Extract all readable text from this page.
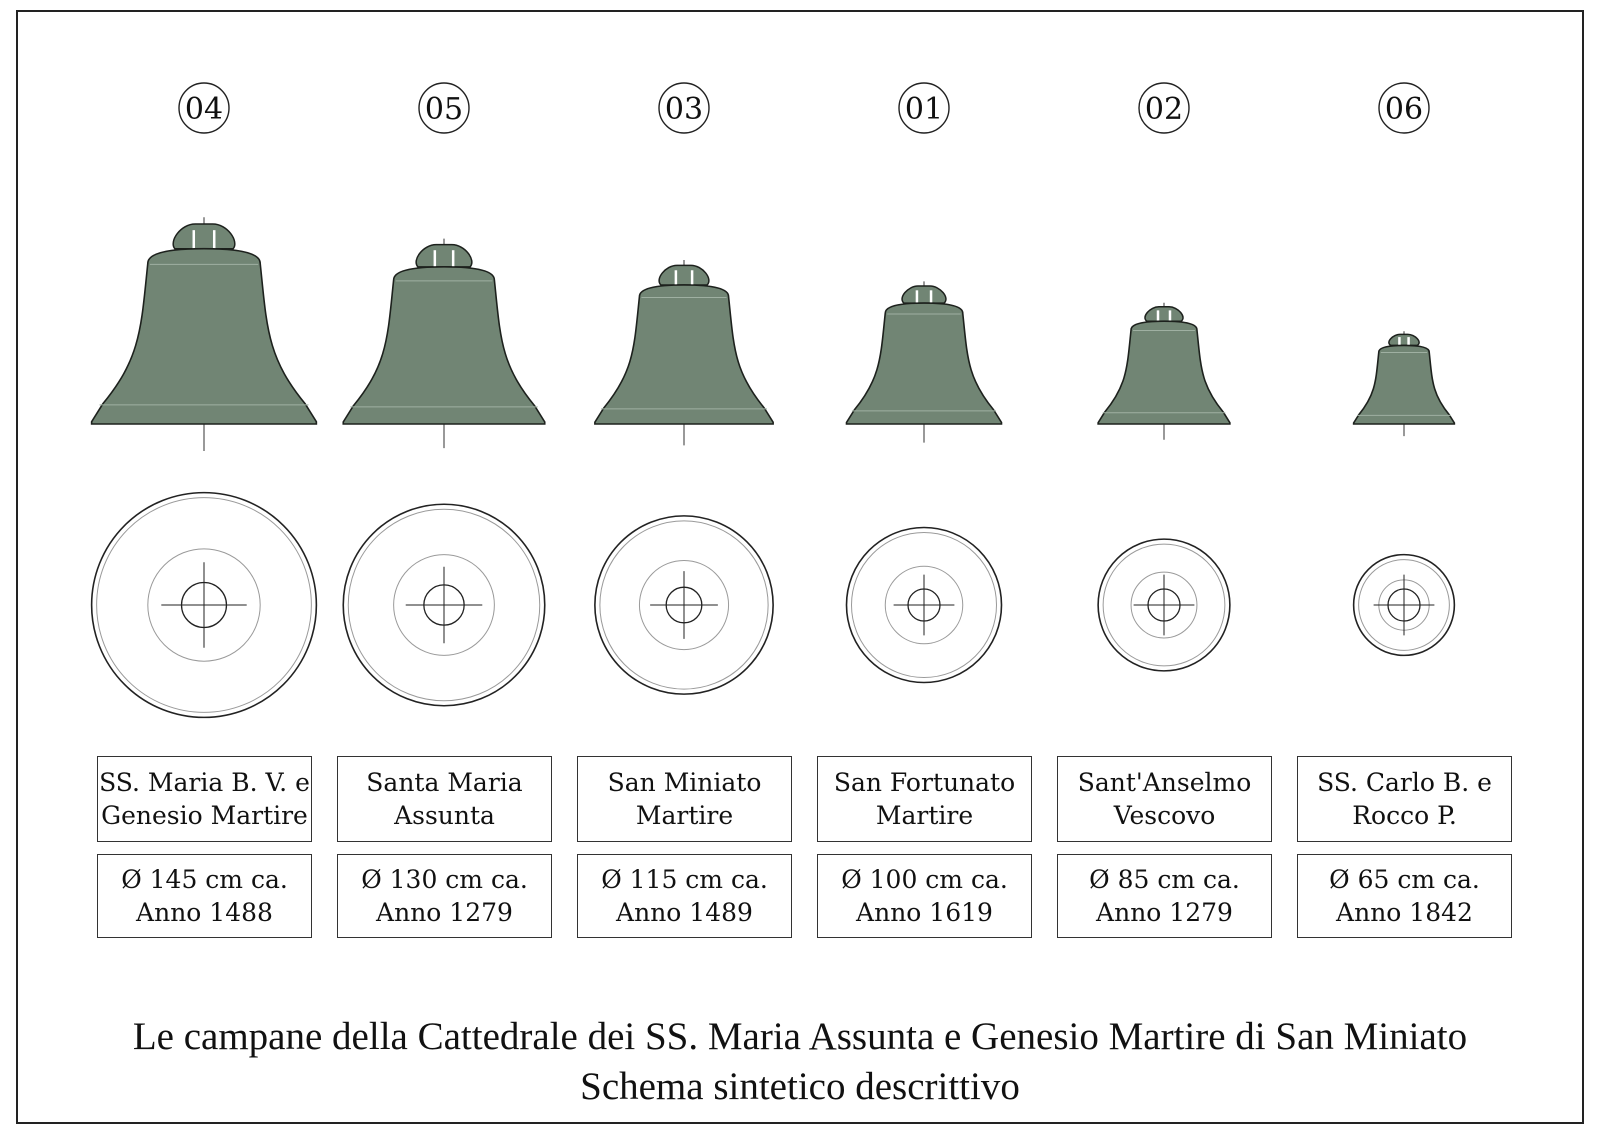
04	05	03	01	02	06
SS. Maria B. V. e
Genesio Martire
Ø 145 cm ca.
Anno 1488
Santa Maria
Assunta
Ø 130 cm ca.
Anno 1279
San Miniato
Martire
Ø 115 cm ca.
Anno 1489
San Fortunato
Martire
Ø 100 cm ca.
Anno 1619
Sant'Anselmo
Vescovo
Ø 85 cm ca.
Anno 1279
SS. Carlo B. e
Rocco P.
Ø 65 cm ca.
Anno 1842
Le campane della Cattedrale dei SS. Maria Assunta e Genesio Martire di San Miniato
Schema sintetico descrittivo
